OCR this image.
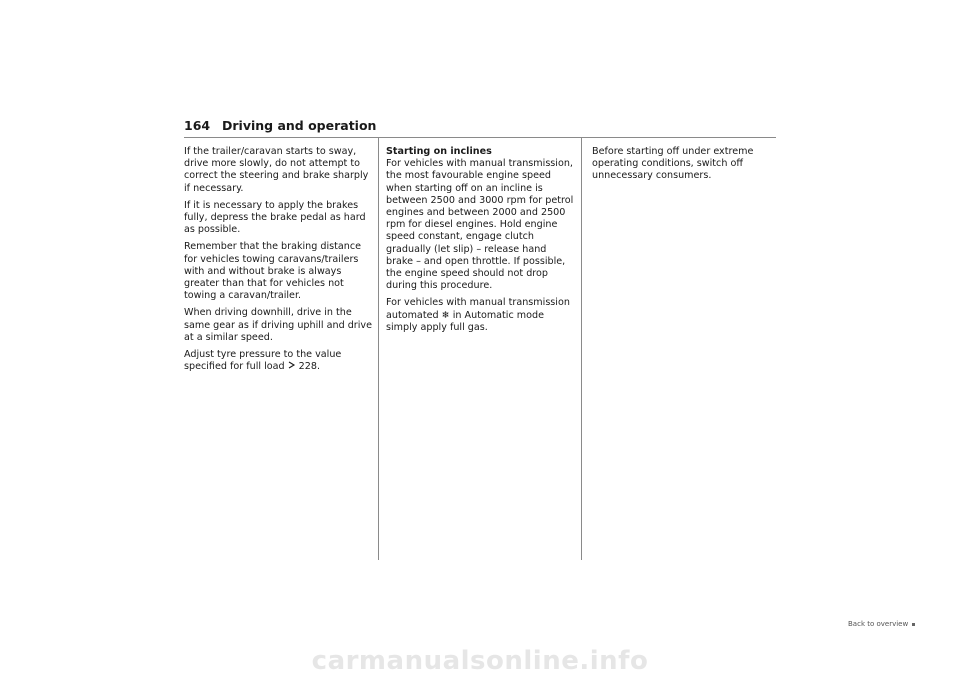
164 Driving and operation

If the trailer/caravan starts to sway, drive more slowly, do not attempt to correct the steering and brake sharply if necessary.

If it is necessary to apply the brakes fully, depress the brake pedal as hard as possible.

Remember that the braking distance for vehicles towing caravans/trailers with and without brake is always greater than that for vehicles not towing a caravan/trailer.

When driving downhill, drive in the same gear as if driving uphill and drive at a similar speed.

Adjust tyre pressure to the value specified for full load 228.

Starting on inclines

For vehicles with manual transmission, the most favourable engine speed when starting off on an incline is between 2500 and 3000 rpm for petrol engines and between 2000 and 2500 rpm for diesel engines. Hold engine speed constant, engage clutch gradually (let slip) – release hand brake – and open throttle. If possible, the engine speed should not drop during this procedure.

For vehicles with manual transmission automated ❄ in Automatic mode simply apply full gas.

Before starting off under extreme operating conditions, switch off unnecessary consumers.

Back to overview
carmanualsonline.info
